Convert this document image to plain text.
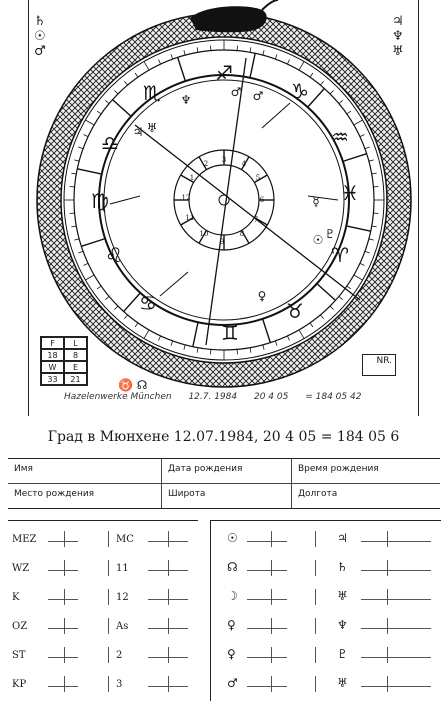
♐
♏
♎
♍
♌
♋
♊
♉
♈
♓
♒
♑
♂
♆	♂
♃ ♅
☿
☉ ♇
♀
3 4
5
6
7
8
9
10
11
12
1
2
♄
☉
♂
♃
♆
♅
F	L
18	8
W	E
33	21
NR.
♉ ☊
Hazelenwerke München 12.7. 1984 20 4 05 = 184 05 42
Град в Мюнхене 12.07.1984, 20 4 05 = 184 05 6
Имя	Дата рождения	Время рождения
Место рождения	Широта	Долгота
MEZ	MC
WZ	11
K	12
OZ	As
ST	2
KP	3
☉	♃
☊	♄
☽	♅
♀	♆
♀	♇
♂	♅
